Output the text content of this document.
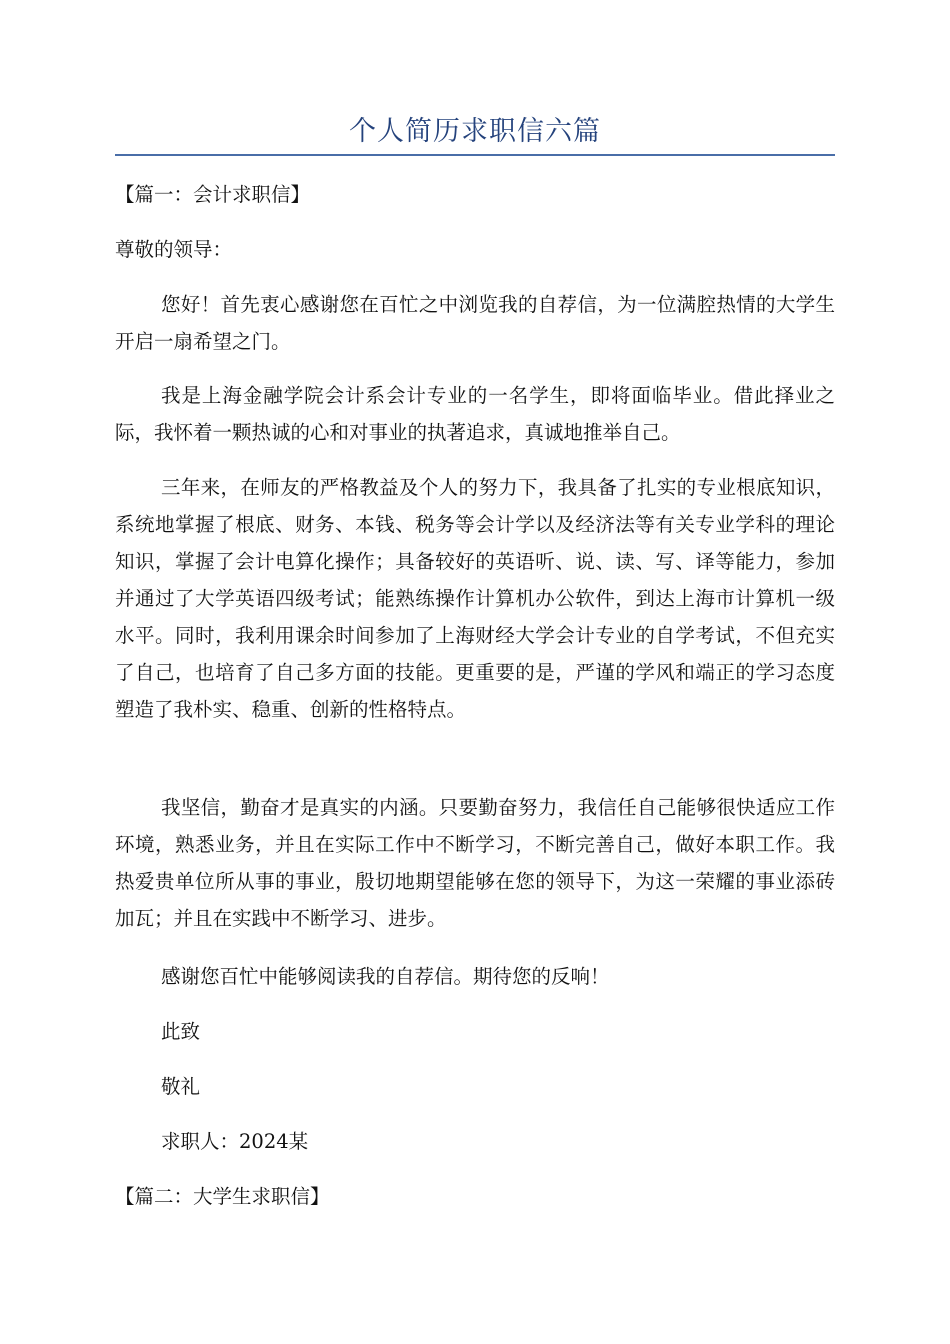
个人简历求职信六篇

【篇一：会计求职信】

尊敬的领导：

您好！首先衷心感谢您在百忙之中浏览我的自荐信，为一位满腔热情的大学生开启一扇希望之门。

我是上海金融学院会计系会计专业的一名学生，即将面临毕业。借此择业之际，我怀着一颗热诚的心和对事业的执著追求，真诚地推举自己。

三年来，在师友的严格教益及个人的努力下，我具备了扎实的专业根底知识，系统地掌握了根底、财务、本钱、税务等会计学以及经济法等有关专业学科的理论知识，掌握了会计电算化操作；具备较好的英语听、说、读、写、译等能力，参加并通过了大学英语四级考试；能熟练操作计算机办公软件，到达上海市计算机一级水平。同时，我利用课余时间参加了上海财经大学会计专业的自学考试，不但充实了自己，也培育了自己多方面的技能。更重要的是，严谨的学风和端正的学习态度塑造了我朴实、稳重、创新的性格特点。

我坚信，勤奋才是真实的内涵。只要勤奋努力，我信任自己能够很快适应工作环境，熟悉业务，并且在实际工作中不断学习，不断完善自己，做好本职工作。我热爱贵单位所从事的事业，殷切地期望能够在您的领导下，为这一荣耀的事业添砖加瓦；并且在实践中不断学习、进步。

感谢您百忙中能够阅读我的自荐信。期待您的反响！

此致

敬礼

求职人：2024某

【篇二：大学生求职信】
